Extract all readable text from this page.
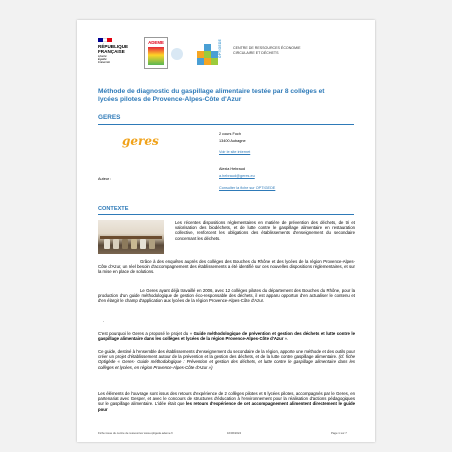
RÉPUBLIQUE
FRANÇAISE
Liberté
Égalité
Fraternité
ADEME	OPTIGEDE	CENTRE DE RESSOURCES ÉCONOMIE
CIRCULAIRE ET DÉCHETS
Méthode de diagnostic du gaspillage alimentaire testée par 8 collèges et lycées pilotes de Provence-Alpes-Côte d'Azur
GERES
geres	2 cours Foch
13400 Aubagne
Voir le site internet
Auteur :
Alexia Hebraud
a.hebraud@geres.eu
Consulter la fiche sur OPTIGEDE
CONTEXTE
Les récentes dispositions réglementaires en matière de prévention des déchets, de tri et valorisation des biodéchets, et de lutte contre le gaspillage alimentaire en restauration collective, renforcent les obligations des établissements d'enseignement du secondaire concernant les déchets.
Grâce à des enquêtes auprès des collèges des Bouches du Rhône et des lycées de la région Provence-Alpes-Côte d'Azur, un réel besoin d'accompagnement des établissements a été identifié sur ces nouvelles dispositions réglementaires, et sur la mise en place de solutions.
Le Geres ayant déjà travaillé en 2006, avec 12 collèges pilotes du département des Bouches du Rhône, pour la production d'un guide méthodologique de gestion éco-responsable des déchets, il est apparu opportun d'en actualiser le contenu et d'en élargir le champ d'application aux lycées de la région Provence-Alpes-Côte d'Azur.
.
C'est pourquoi le Geres a proposé le projet du « Guide méthodologique de prévention et gestion des déchets et lutte contre le gaspillage alimentaire dans les collèges et lycées de la région Provence-Alpes-Côte d'Azur ».
Ce guide, destiné à l'ensemble des établissements d'enseignement du secondaire de la région, apporte une méthode et des outils pour créer un projet d'établissement autour de la prévention et la gestion des déchets, et de la lutte contre gaspillage alimentaire. (cf. fiche Optigède « Geres- Guide méthodologique : Prévention et gestion des déchets, et lutte contre le gaspillage alimentaire dans les collèges et lycées, en région Provence-Alpes-Côte d'Azur »)
Les éléments de l'ouvrage sont issus des retours d'expérience de 2 collèges pilotes et 6 lycées pilotes, accompagnés par le Geres, en partenariat avec Gesper, et avec le concours de structures d'éducation à l'environnement pour la réalisation d'actions pédagogiques sur le gaspillage alimentaire. L'idée était que les retours d'expérience de cet accompagnement alimentent directement le guide pour
Fiche issue du centre de ressources www.optigede.ademe.fr	16/06/2024	Page 1 sur 7
